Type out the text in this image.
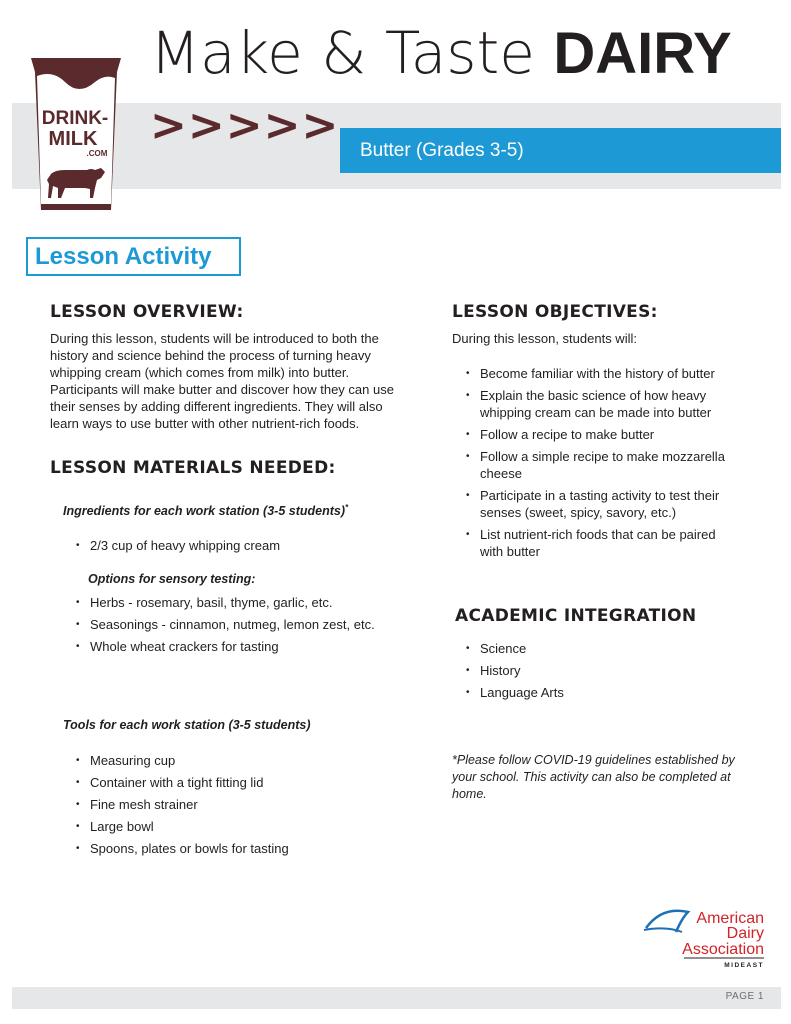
Make & Taste DAIRY
>>>>> Butter (Grades 3-5)
DRINK-
MILK
.COM
Lesson Activity
LESSON OVERVIEW:
During this lesson, students will be introduced to both the history and science behind the process of turning heavy whipping cream (which comes from milk) into butter. Participants will make butter and discover how they can use their senses by adding different ingredients. They will also learn ways to use butter with other nutrient-rich foods.
LESSON MATERIALS NEEDED:
Ingredients for each work station (3-5 students)*
• 2/3 cup of heavy whipping cream
Options for sensory testing:
• Herbs - rosemary, basil, thyme, garlic, etc.
• Seasonings - cinnamon, nutmeg, lemon zest, etc.
• Whole wheat crackers for tasting
Tools for each work station (3-5 students)
• Measuring cup
• Container with a tight fitting lid
• Fine mesh strainer
• Large bowl
• Spoons, plates or bowls for tasting
LESSON OBJECTIVES:
During this lesson, students will:
• Become familiar with the history of butter
• Explain the basic science of how heavy whipping cream can be made into butter
• Follow a recipe to make butter
• Follow a simple recipe to make mozzarella cheese
• Participate in a tasting activity to test their senses (sweet, spicy, savory, etc.)
• List nutrient-rich foods that can be paired with butter
ACADEMIC INTEGRATION
• Science
• History
• Language Arts
*Please follow COVID-19 guidelines established by your school. This activity can also be completed at home.
American
Dairy
Association
MIDEAST
PAGE 1
